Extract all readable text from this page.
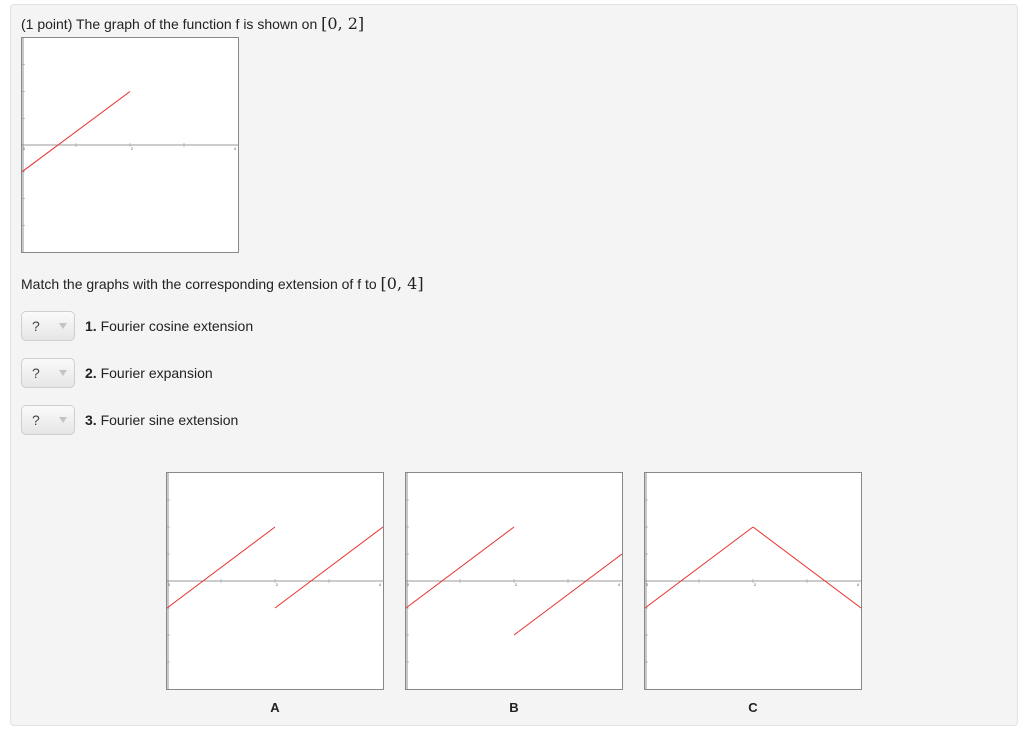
(1 point) The graph of the function f is shown on [0, 2]
0	2	4
Match the graphs with the corresponding extension of f to [0, 4]
?	1. Fourier cosine extension
?	2. Fourier expansion
?	3. Fourier sine extension
0	2	4	0	2	4	0	2	4
A	B	C
